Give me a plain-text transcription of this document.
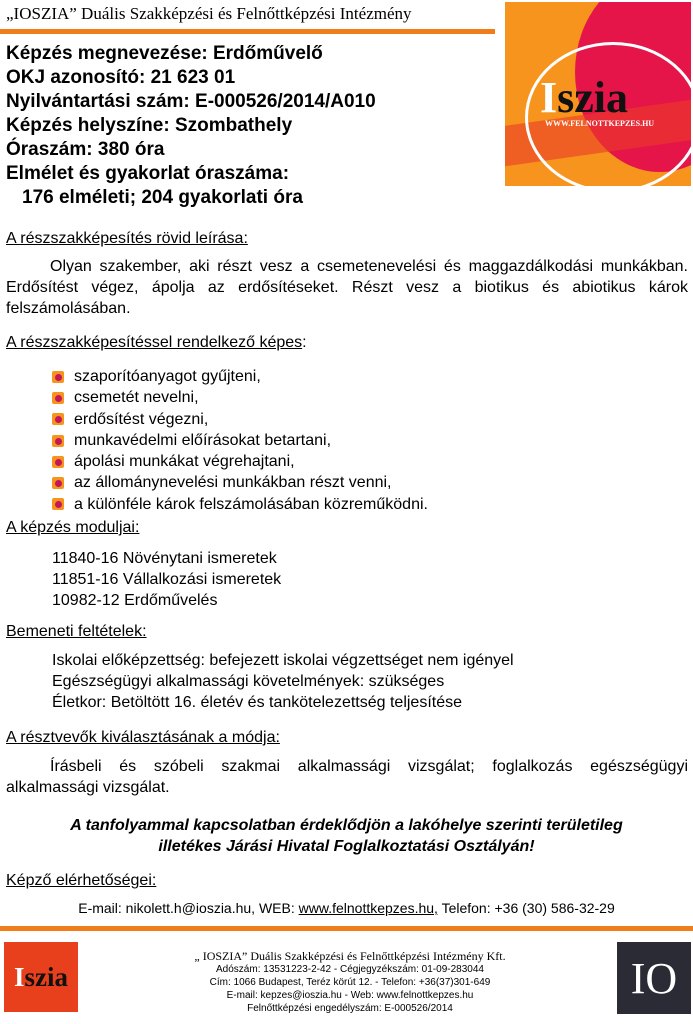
„IOSZIA” Duális Szakképzési és Felnőttképzési Intézmény
Iszia
WWW.FELNOTTKEPZES.HU
Képzés megnevezése: Erdőművelő
OKJ azonosító: 21 623 01
Nyilvántartási szám: E-000526/2014/A010
Képzés helyszíne: Szombathely
Óraszám: 380 óra
Elmélet és gyakorlat óraszáma:
176 elméleti; 204 gyakorlati óra
A részszakképesítés rövid leírása:
Olyan szakember, aki részt vesz a csemetenevelési és maggazdálkodási munkákban. Erdősítést végez, ápolja az erdősítéseket. Részt vesz a biotikus és abiotikus károk felszámolásában.
A részszakképesítéssel rendelkező képes:
szaporítóanyagot gyűjteni,
csemetét nevelni,
erdősítést végezni,
munkavédelmi előírásokat betartani,
ápolási munkákat végrehajtani,
az állománynevelési munkákban részt venni,
a különféle károk felszámolásában közreműködni.
A képzés moduljai:
11840-16 Növénytani ismeretek
11851-16 Vállalkozási ismeretek
10982-12 Erdőművelés
Bemeneti feltételek:
Iskolai előképzettség: befejezett iskolai végzettséget nem igényel
Egészségügyi alkalmassági követelmények: szükséges
Életkor: Betöltött 16. életév és tankötelezettség teljesítése
A résztvevők kiválasztásának a módja:
Írásbeli és szóbeli szakmai alkalmassági vizsgálat; foglalkozás egészségügyi alkalmassági vizsgálat.
A tanfolyammal kapcsolatban érdeklődjön a lakóhelye szerinti területileg
illetékes Járási Hivatal Foglalkoztatási Osztályán!
Képző elérhetőségei:
E-mail: nikolett.h@ioszia.hu, WEB: www.felnottkepzes.hu, Telefon: +36 (30) 586-32-29
I szia
„ IOSZIA” Duális Szakképzési és Felnőttképzési Intézmény Kft.
Adószám: 13531223-2-42 - Cégjegyzékszám: 01-09-283044
Cím: 1066 Budapest, Teréz körút 12. - Telefon: +36(37)301-649
E-mail: kepzes@ioszia.hu - Web: www.felnottkepzes.hu
Felnőttképzési engedélyszám: E-000526/2014
IO
